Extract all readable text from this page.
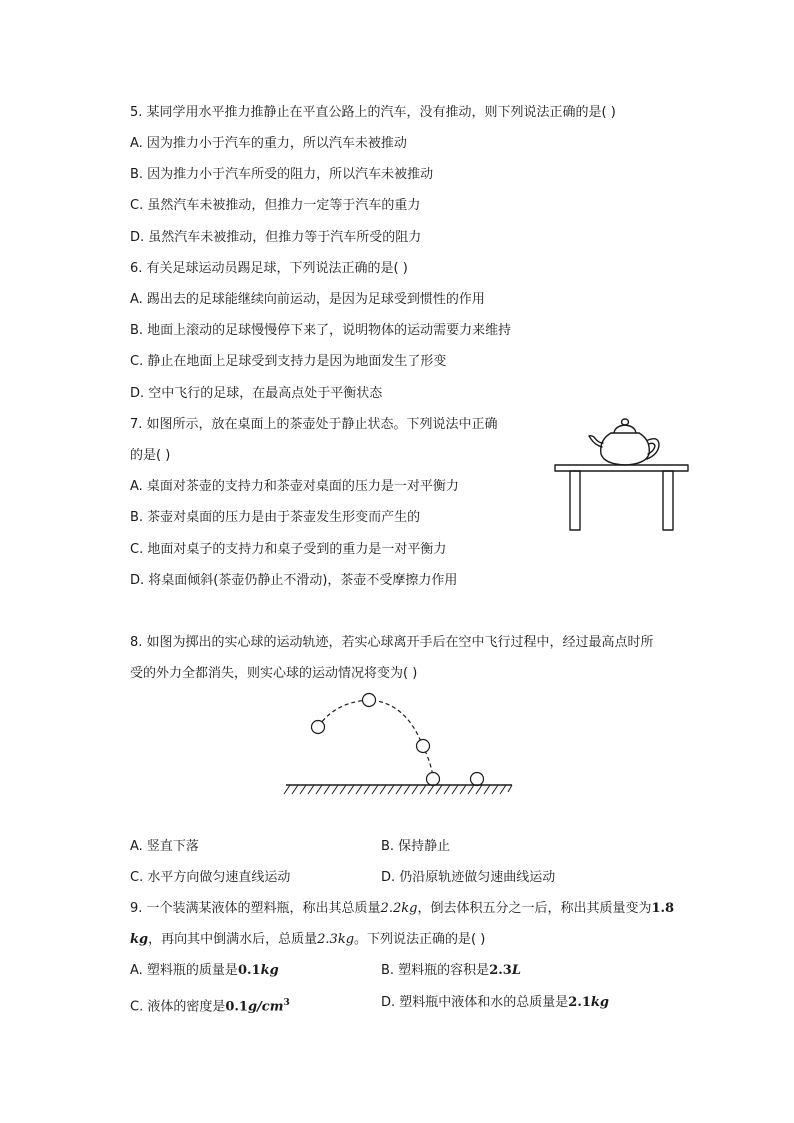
5. 某同学用水平推力推静止在平直公路上的汽车，没有推动，则下列说法正确的是( )
A. 因为推力小于汽车的重力，所以汽车未被推动
B. 因为推力小于汽车所受的阻力，所以汽车未被推动
C. 虽然汽车未被推动，但推力一定等于汽车的重力
D. 虽然汽车未被推动，但推力等于汽车所受的阻力
6. 有关足球运动员踢足球，下列说法正确的是( )
A. 踢出去的足球能继续向前运动，是因为足球受到惯性的作用
B. 地面上滚动的足球慢慢停下来了，说明物体的运动需要力来维持
C. 静止在地面上足球受到支持力是因为地面发生了形变
D. 空中飞行的足球，在最高点处于平衡状态
7. 如图所示，放在桌面上的茶壶处于静止状态。下列说法中正确
的是( )
A. 桌面对茶壶的支持力和茶壶对桌面的压力是一对平衡力
B. 茶壶对桌面的压力是由于茶壶发生形变而产生的
C. 地面对桌子的支持力和桌子受到的重力是一对平衡力
D. 将桌面倾斜(茶壶仍静止不滑动)，茶壶不受摩擦力作用
8. 如图为掷出的实心球的运动轨迹，若实心球离开手后在空中飞行过程中，经过最高点时所
受的外力全都消失，则实心球的运动情况将变为( )
A. 竖直下落	B. 保持静止
C. 水平方向做匀速直线运动	D. 仍沿原轨迹做匀速曲线运动
9. 一个装满某液体的塑料瓶，称出其总质量2.2kg，倒去体积五分之一后，称出其质量变为1.8
kg，再向其中倒满水后，总质量2.3kg。下列说法正确的是( )
A. 塑料瓶的质量是0.1kg	B. 塑料瓶的容积是2.3L
C. 液体的密度是$0.1g/cm^3$	D. 塑料瓶中液体和水的总质量是2.1kg
